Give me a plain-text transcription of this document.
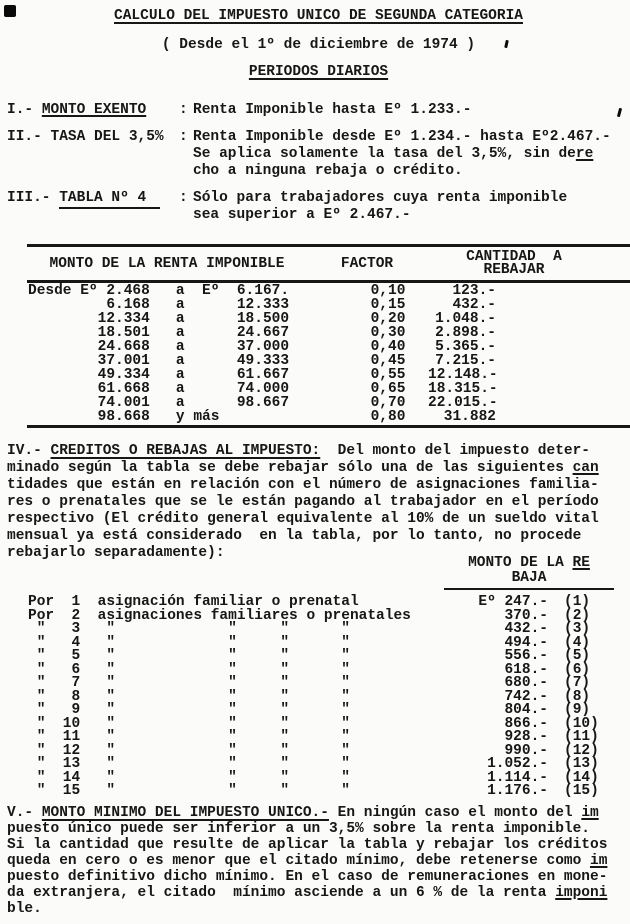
CALCULO DEL IMPUESTO UNICO DE SEGUNDA CATEGORIA
( Desde el 1º de diciembre de 1974 )
PERIODOS DIARIOS
I.- MONTO EXENTO	: Renta Imponible hasta Eº 1.233.-
II.- TASA DEL 3,5%	: Renta Imponible desde Eº 1.234.- hasta Eº2.467.-
Se aplica solamente la tasa del 3,5%, sin dere
cho a ninguna rebaja o crédito.
III.- TABLA Nº 4	: Sólo para trabajadores cuya renta imponible
sea superior a Eº 2.467.-
MONTO DE LA RENTA IMPONIBLE	FACTOR	CANTIDAD  A
REBAJAR
Desde Eº 2.468   a  Eº  6.167.	0,10	123.-
6.168   a      12.333	0,15	432.-
12.334   a      18.500	0,20	1.048.-
18.501   a      24.667	0,30	2.898.-
24.668   a      37.000	0,40	5.365.-
37.001   a      49.333	0,45	7.215.-
49.334   a      61.667	0,55	12.148.-
61.668   a      74.000	0,65	18.315.-
74.001   a      98.667	0,70	22.015.-
98.668   y más	0,80	31.882
IV.- CREDITOS O REBAJAS AL IMPUESTO:  Del monto del impuesto deter-
minado según la tabla se debe rebajar sólo una de las siguientes can
tidades que están en relación con el número de asignaciones familia-
res o prenatales que se le están pagando al trabajador en el período
respectivo (El crédito general equivalente al 10% de un sueldo vital
mensual ya está considerado  en la tabla, por lo tanto, no procede
rebajarlo separadamente):
MONTO DE LA RE
BAJA
Por  1  asignación familiar o prenatal	Eº 247.-	(1)
Por  2  asignaciones familiares o prenatales	370.-	(2)
"   3   "             "     "      "	432.-	(3)
"   4   "             "     "      "	494.-	(4)
"   5   "             "     "      "	556.-	(5)
"   6   "             "     "      "	618.-	(6)
"   7   "             "     "      "	680.-	(7)
"   8   "             "     "      "	742.-	(8)
"   9   "             "     "      "	804.-	(9)
"  10   "             "     "      "	866.-	(10)
"  11   "             "     "      "	928.-	(11)
"  12   "             "     "      "	990.-	(12)
"  13   "             "     "      "	1.052.-	(13)
"  14   "             "     "      "	1.114.-	(14)
"  15   "             "     "      "	1.176.-	(15)
V.- MONTO MINIMO DEL IMPUESTO UNICO.- En ningún caso el monto del im
puesto único puede ser inferior a un 3,5% sobre la renta imponible.
Si la cantidad que resulte de aplicar la tabla y rebajar los créditos
queda en cero o es menor que el citado mínimo, debe retenerse como im
puesto definitivo dicho mínimo. En el caso de remuneraciones en mone-
da extranjera, el citado  mínimo asciende a un 6 % de la renta imponi
ble.
